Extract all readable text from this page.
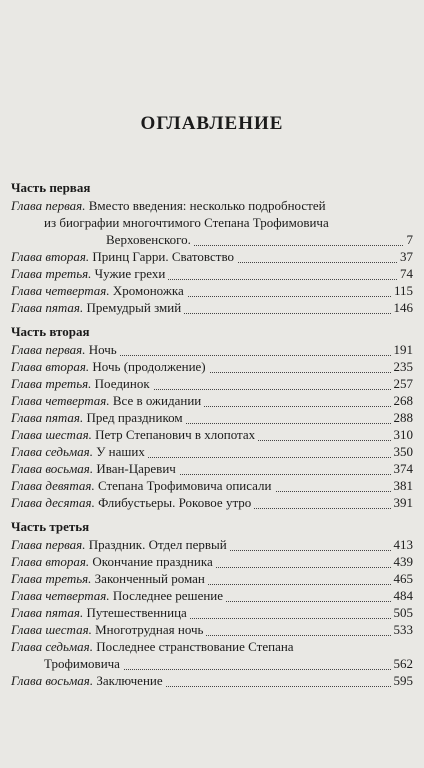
ОГЛАВЛЕНИЕ
Часть первая
Глава первая. Вместо введения: несколько подробностей
из биографии многочтимого Степана Трофимовича
Верховенского.	7
Глава вторая. Принц Гарри. Сватовство	37
Глава третья. Чужие грехи	74
Глава четвертая. Хромоножка	115
Глава пятая. Премудрый змий	146
Часть вторая
Глава первая. Ночь	191
Глава вторая. Ночь (продолжение)	235
Глава третья. Поединок	257
Глава четвертая. Все в ожидании	268
Глава пятая. Пред праздником	288
Глава шестая. Петр Степанович в хлопотах	310
Глава седьмая. У наших	350
Глава восьмая. Иван-Царевич	374
Глава девятая. Степана Трофимовича описали	381
Глава десятая. Флибустьеры. Роковое утро	391
Часть третья
Глава первая. Праздник. Отдел первый	413
Глава вторая. Окончание праздника	439
Глава третья. Законченный роман	465
Глава четвертая. Последнее решение	484
Глава пятая. Путешественница	505
Глава шестая. Многотрудная ночь	533
Глава седьмая. Последнее странствование Степана
Трофимовича	562
Глава восьмая. Заключение	595
